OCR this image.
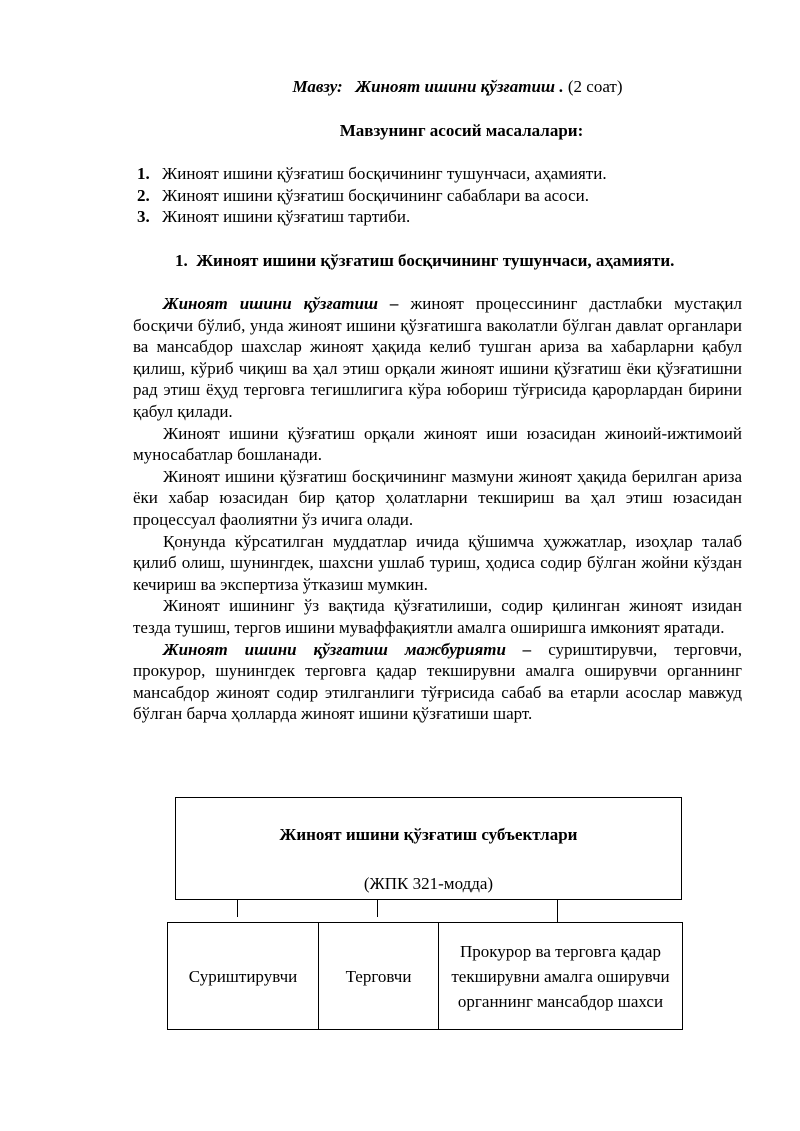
Мавзу: Жиноят ишини қўзғатиш . (2 соат)
Мавзунинг асосий масалалари:
1. Жиноят ишини қўзғатиш босқичининг тушунчаси, аҳамияти.
2. Жиноят ишини қўзғатиш босқичининг сабаблари ва асоси.
3. Жиноят ишини қўзғатиш тартиби.
1. Жиноят ишини қўзғатиш босқичининг тушунчаси, аҳамияти.

Жиноят ишини қўзғатиш – жиноят процессининг дастлабки мустақил босқичи бўлиб, унда жиноят ишини қўзғатишга ваколатли бўлган давлат органлари ва мансабдор шахслар жиноят ҳақида келиб тушган ариза ва хабарларни қабул қилиш, кўриб чиқиш ва ҳал этиш орқали жиноят ишини қўзғатиш ёки қўзғатишни рад этиш ёҳуд терговга тегишлигига кўра юбориш тўғрисида қарорлардан бирини қабул қилади.

Жиноят ишини қўзғатиш орқали жиноят иши юзасидан жиноий-ижтимоий муносабатлар бошланади.

Жиноят ишини қўзғатиш босқичининг мазмуни жиноят ҳақида берилган ариза ёки хабар юзасидан бир қатор ҳолатларни текшириш ва ҳал этиш юзасидан процессуал фаолиятни ўз ичига олади.

Қонунда кўрсатилган муддатлар ичида қўшимча ҳужжатлар, изоҳлар талаб қилиб олиш, шунингдек, шахсни ушлаб туриш, ҳодиса содир бўлган жойни кўздан кечириш ва экспертиза ўтказиш мумкин.

Жиноят ишининг ўз вақтида қўзғатилиши, содир қилинган жиноят изидан тезда тушиш, тергов ишини муваффақиятли амалга оширишга имконият яратади.

Жиноят ишини қўзғатиш мажбурияти – суриштирувчи, терговчи, прокурор, шунингдек терговга қадар текширувни амалга оширувчи органнинг мансабдор жиноят содир этилганлиги тўғрисида сабаб ва етарли асослар мавжуд бўлган барча ҳолларда жиноят ишини қўзғатиши шарт.

Жиноят ишини қўзғатиш субъектлари
(ЖПК 321-модда)
Суриштирувчи	Терговчи
Прокурор ва терговга қадар текширувни амалга оширувчи органнинг мансабдор шахси
